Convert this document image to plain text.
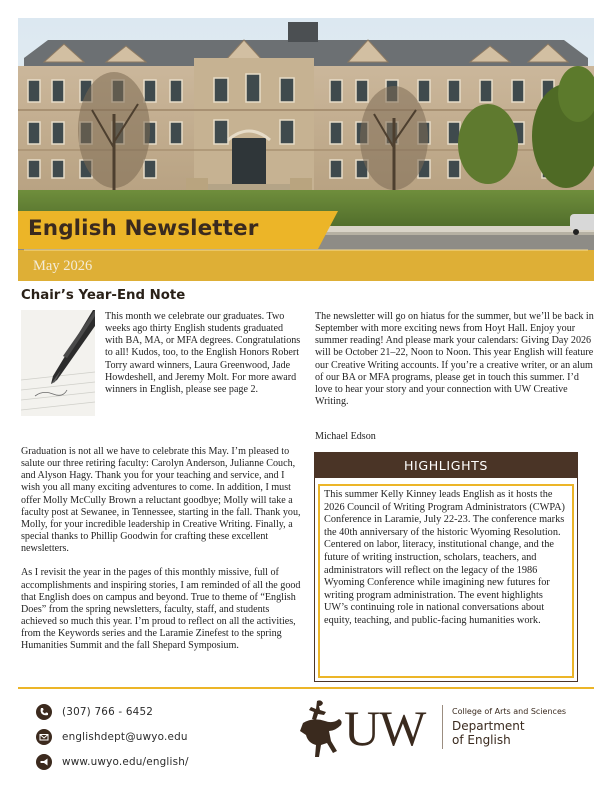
English Newsletter
May 2026
Chair’s Year-End Note

This month we celebrate our graduates. Two weeks ago thirty English students graduated with BA, MA, or MFA degrees. Congratulations to all! Kudos, too, to the English Honors Robert Torry award winners, Laura Greenwood, Jade Howdeshell, and Jeremy Molt. For more award winners in English, please see page 2.

Graduation is not all we have to celebrate this May. I’m pleased to salute our three retiring faculty: Carolyn Anderson, Julianne Couch, and Alyson Hagy. Thank you for your teaching and service, and I wish you all many exciting adventures to come. In addition, I must offer Molly McCully Brown a reluctant goodbye; Molly will take a faculty post at Sewanee, in Tennessee, starting in the fall. Thank you, Molly, for your incredible leadership in Creative Writing. Finally, a special thanks to Phillip Goodwin for crafting these excellent newsletters.

As I revisit the year in the pages of this monthly missive, full of accomplishments and inspiring stories, I am reminded of all the good that English does on campus and beyond. True to theme of “English Does” from the spring newsletters, faculty, staff, and students achieved so much this year. I’m proud to reflect on all the activities, from the Keywords series and the Laramie Zinefest to the spring Humanities Summit and the fall Shepard Symposium.

The newsletter will go on hiatus for the summer, but we’ll be back in September with more exciting news from Hoyt Hall. Enjoy your summer reading! And please mark your calendars: Giving Day 2026 will be October 21–22, Noon to Noon. This year English will feature our Creative Writing accounts. If you’re a creative writer, or an alum of our BA or MFA programs, please get in touch this summer. I’d love to hear your story and your connection with UW Creative Writing.

Michael Edson
HIGHLIGHTS

This summer Kelly Kinney leads English as it hosts the 2026 Council of Writing Program Administrators (CWPA) Conference in Laramie, July 22-23. The conference marks the 40th anniversary of the historic Wyoming Resolution. Centered on labor, literacy, institutional change, and the future of writing instruction, scholars, teachers, and administrators will reflect on the legacy of the 1986 Wyoming Conference while imagining new futures for writing program administration. The event highlights UW’s continuing role in national conversations about equity, teaching, and public-facing humanities work.

(307) 766 - 6452
englishdept@uwyo.edu
www.uwyo.edu/english/
UW	College of Arts and Sciences
Department
of English
